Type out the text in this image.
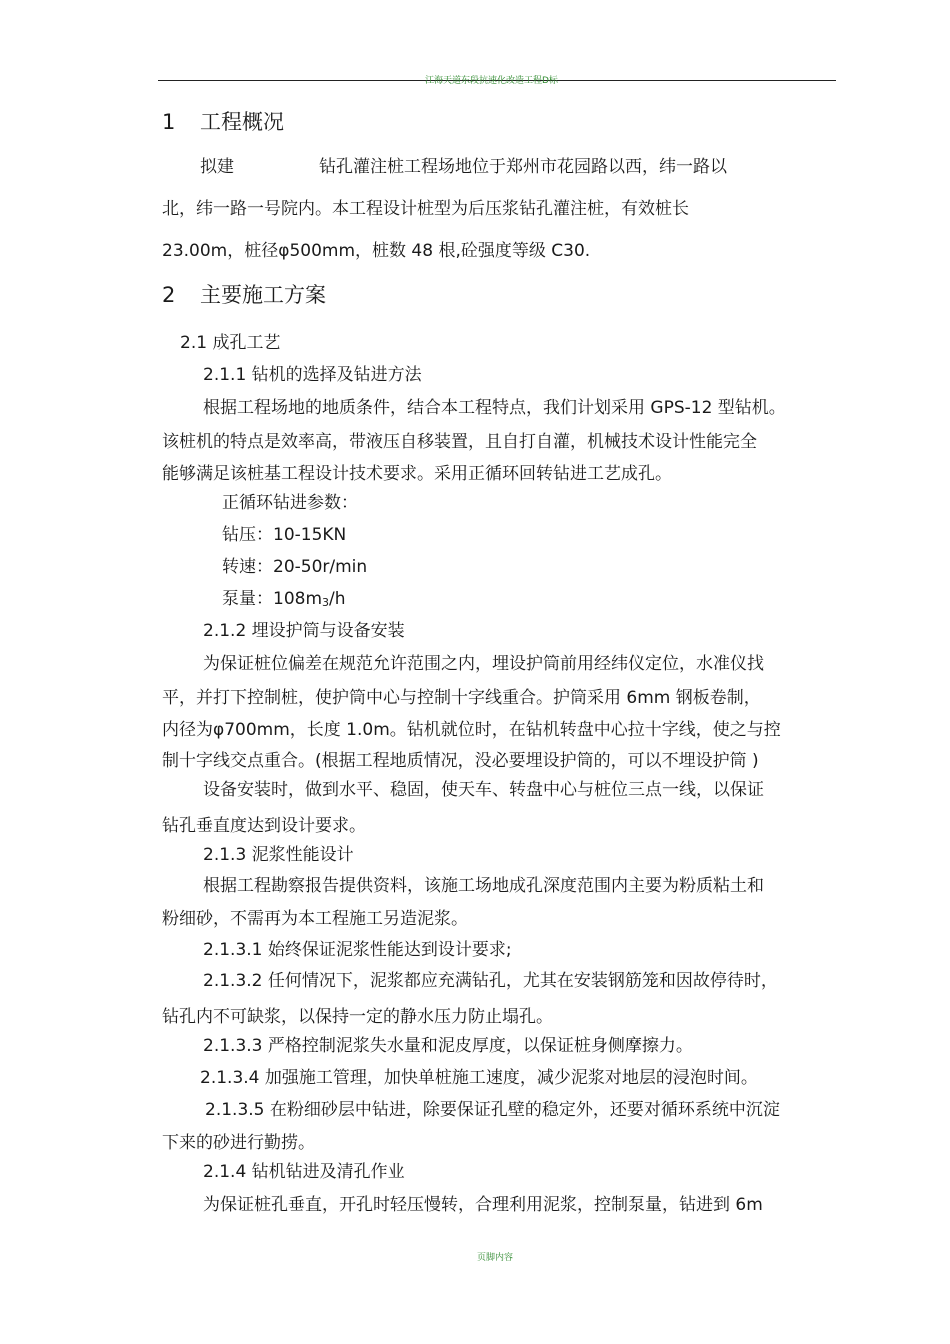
江海天道东段抗速化改造工程D标
1 工程概况
拟建　　　　　钻孔灌注桩工程场地位于郑州市花园路以西，纬一路以
北，纬一路一号院内。本工程设计桩型为后压浆钻孔灌注桩，有效桩长
23.00m，桩径φ500mm，桩数 48 根,砼强度等级 C30.
2 主要施工方案
2.1 成孔工艺
2.1.1 钻机的选择及钻进方法
根据工程场地的地质条件，结合本工程特点，我们计划采用 GPS-12 型钻机。
该桩机的特点是效率高，带液压自移装置，且自打自灌，机械技术设计性能完全
能够满足该桩基工程设计技术要求。采用正循环回转钻进工艺成孔。
正循环钻进参数：
钻压：10-15KN
转速：20-50r/min
泵量：$108m_3/h$
2.1.2 埋设护筒与设备安装
为保证桩位偏差在规范允许范围之内，埋设护筒前用经纬仪定位，水准仪找
平，并打下控制桩，使护筒中心与控制十字线重合。护筒采用 6mm 钢板卷制，
内径为φ700mm，长度 1.0m。钻机就位时，在钻机转盘中心拉十字线，使之与控
制十字线交点重合。(根据工程地质情况，没必要埋设护筒的，可以不埋设护筒 )
设备安装时，做到水平、稳固，使天车、转盘中心与桩位三点一线，以保证
钻孔垂直度达到设计要求。
2.1.3 泥浆性能设计
根据工程勘察报告提供资料，该施工场地成孔深度范围内主要为粉质粘土和
粉细砂，不需再为本工程施工另造泥浆。
2.1.3.1 始终保证泥浆性能达到设计要求;
2.1.3.2 任何情况下，泥浆都应充满钻孔，尤其在安装钢筋笼和因故停待时，
钻孔内不可缺浆，以保持一定的静水压力防止塌孔。
2.1.3.3 严格控制泥浆失水量和泥皮厚度，以保证桩身侧摩擦力。
2.1.3.4 加强施工管理，加快单桩施工速度，减少泥浆对地层的浸泡时间。
2.1.3.5 在粉细砂层中钻进，除要保证孔壁的稳定外，还要对循环系统中沉淀
下来的砂进行勤捞。
2.1.4 钻机钻进及清孔作业
为保证桩孔垂直，开孔时轻压慢转，合理利用泥浆，控制泵量，钻进到 6m
页脚内容
